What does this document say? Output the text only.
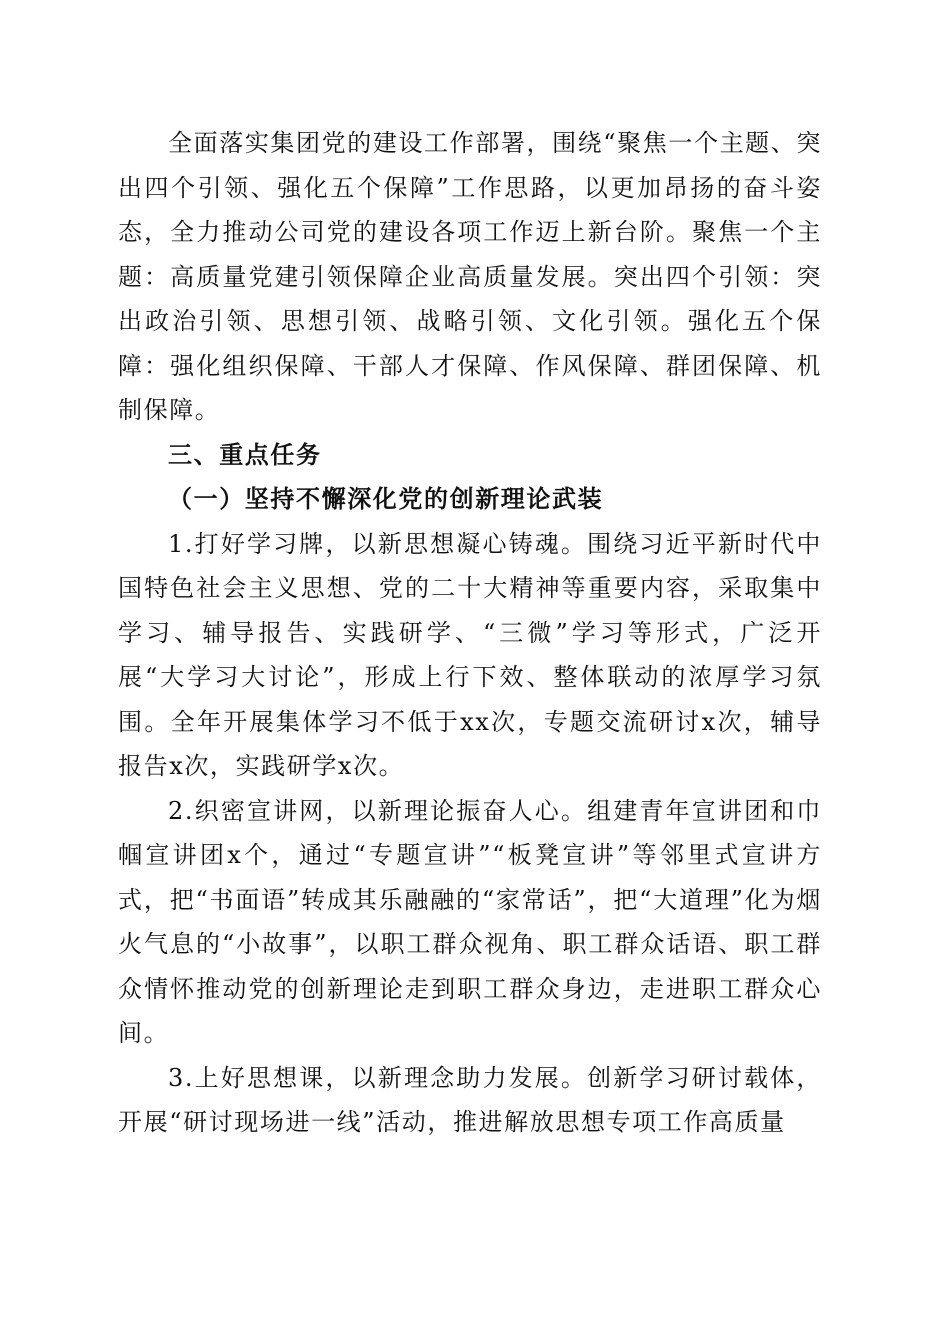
全面落实集团党的建设工作部署，围绕“聚焦一个主题、突出四个引领、强化五个保障”工作思路，以更加昂扬的奋斗姿态，全力推动公司党的建设各项工作迈上新台阶。聚焦一个主题：高质量党建引领保障企业高质量发展。突出四个引领：突出政治引领、思想引领、战略引领、文化引领。强化五个保障：强化组织保障、干部人才保障、作风保障、群团保障、机制保障。

三、重点任务

（一）坚持不懈深化党的创新理论武装

1.打好学习牌，以新思想凝心铸魂。围绕习近平新时代中国特色社会主义思想、党的二十大精神等重要内容，采取集中学习、辅导报告、实践研学、“三微”学习等形式，广泛开展“大学习大讨论”，形成上行下效、整体联动的浓厚学习氛围。全年开展集体学习不低于xx次，专题交流研讨x次，辅导报告x次，实践研学x次。

2.织密宣讲网，以新理论振奋人心。组建青年宣讲团和巾帼宣讲团x个，通过“专题宣讲”“板凳宣讲”等邻里式宣讲方式，把“书面语”转成其乐融融的“家常话”，把“大道理”化为烟火气息的“小故事”，以职工群众视角、职工群众话语、职工群众情怀推动党的创新理论走到职工群众身边，走进职工群众心间。

3.上好思想课，以新理念助力发展。创新学习研讨载体，开展“研讨现场进一线”活动，推进解放思想专项工作高质量
